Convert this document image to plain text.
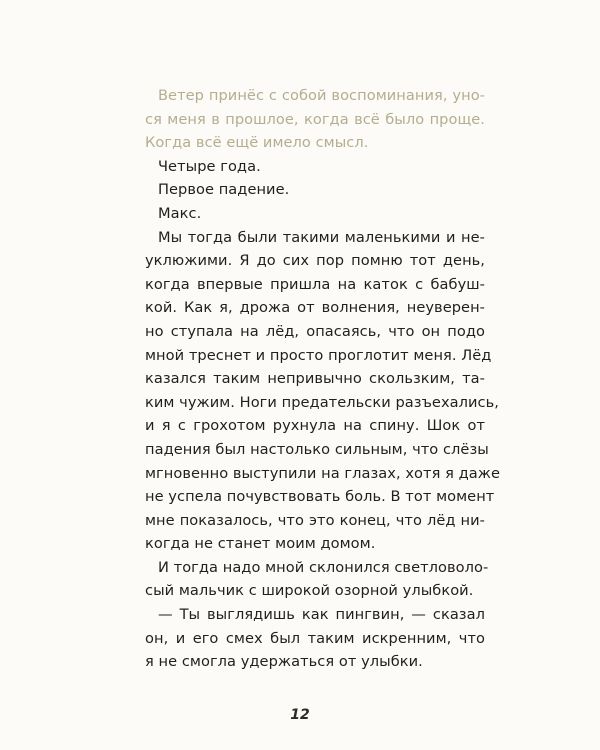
Ветер принёс с собой воспоминания, уно-
ся меня в прошлое, когда всё было проще.
Когда всё ещё имело смысл.
Четыре года.
Первое падение.
Макс.
Мы тогда были такими маленькими и не-
уклюжими. Я до сих пор помню тот день,
когда впервые пришла на каток с бабуш-
кой. Как я, дрожа от волнения, неуверен-
но ступала на лёд, опасаясь, что он подо
мной треснет и просто проглотит меня. Лёд
казался таким непривычно скользким, та-
ким чужим. Ноги предательски разъехались,
и я с грохотом рухнула на спину. Шок от
падения был настолько сильным, что слёзы
мгновенно выступили на глазах, хотя я даже
не успела почувствовать боль. В тот момент
мне показалось, что это конец, что лёд ни-
когда не станет моим домом.
И тогда надо мной склонился светловоло-
сый мальчик с широкой озорной улыбкой.
— Ты выглядишь как пингвин, — сказал
он, и его смех был таким искренним, что
я не смогла удержаться от улыбки.
12
